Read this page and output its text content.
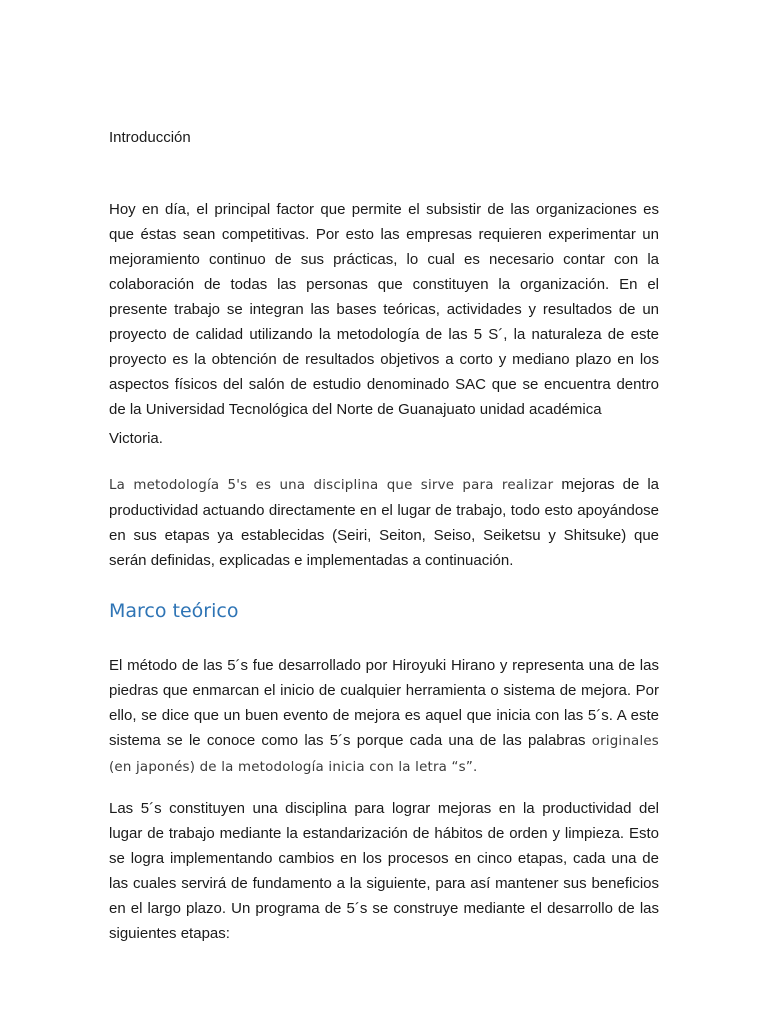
Introducción

Hoy en día, el principal factor que permite el subsistir de las organizaciones es que éstas sean competitivas. Por esto las empresas requieren experimentar un mejoramiento continuo de sus prácticas, lo cual es necesario contar con la colaboración de todas las personas que constituyen la organización. En el presente trabajo se integran las bases teóricas, actividades y resultados de un proyecto de calidad utilizando la metodología de las 5 S´, la naturaleza de este proyecto es la obtención de resultados objetivos a corto y mediano plazo en los aspectos físicos del salón de estudio denominado SAC que se encuentra dentro de la Universidad Tecnológica del Norte de Guanajuato unidad académica

Victoria.

La metodología 5's es una disciplina que sirve para realizar mejoras de la productividad actuando directamente en el lugar de trabajo, todo esto apoyándose en sus etapas ya establecidas (Seiri, Seiton, Seiso, Seiketsu y Shitsuke) que serán definidas, explicadas e implementadas a continuación.

Marco teórico

El método de las 5´s fue desarrollado por Hiroyuki Hirano y representa una de las piedras que enmarcan el inicio de cualquier herramienta o sistema de mejora. Por ello, se dice que un buen evento de mejora es aquel que inicia con las 5´s. A este sistema se le conoce como las 5´s porque cada una de las palabras originales (en japonés) de la metodología inicia con la letra “s”.

Las 5´s constituyen una disciplina para lograr mejoras en la productividad del lugar de trabajo mediante la estandarización de hábitos de orden y limpieza. Esto se logra implementando cambios en los procesos en cinco etapas, cada una de las cuales servirá de fundamento a la siguiente, para así mantener sus beneficios en el largo plazo. Un programa de 5´s se construye mediante el desarrollo de las siguientes etapas:
